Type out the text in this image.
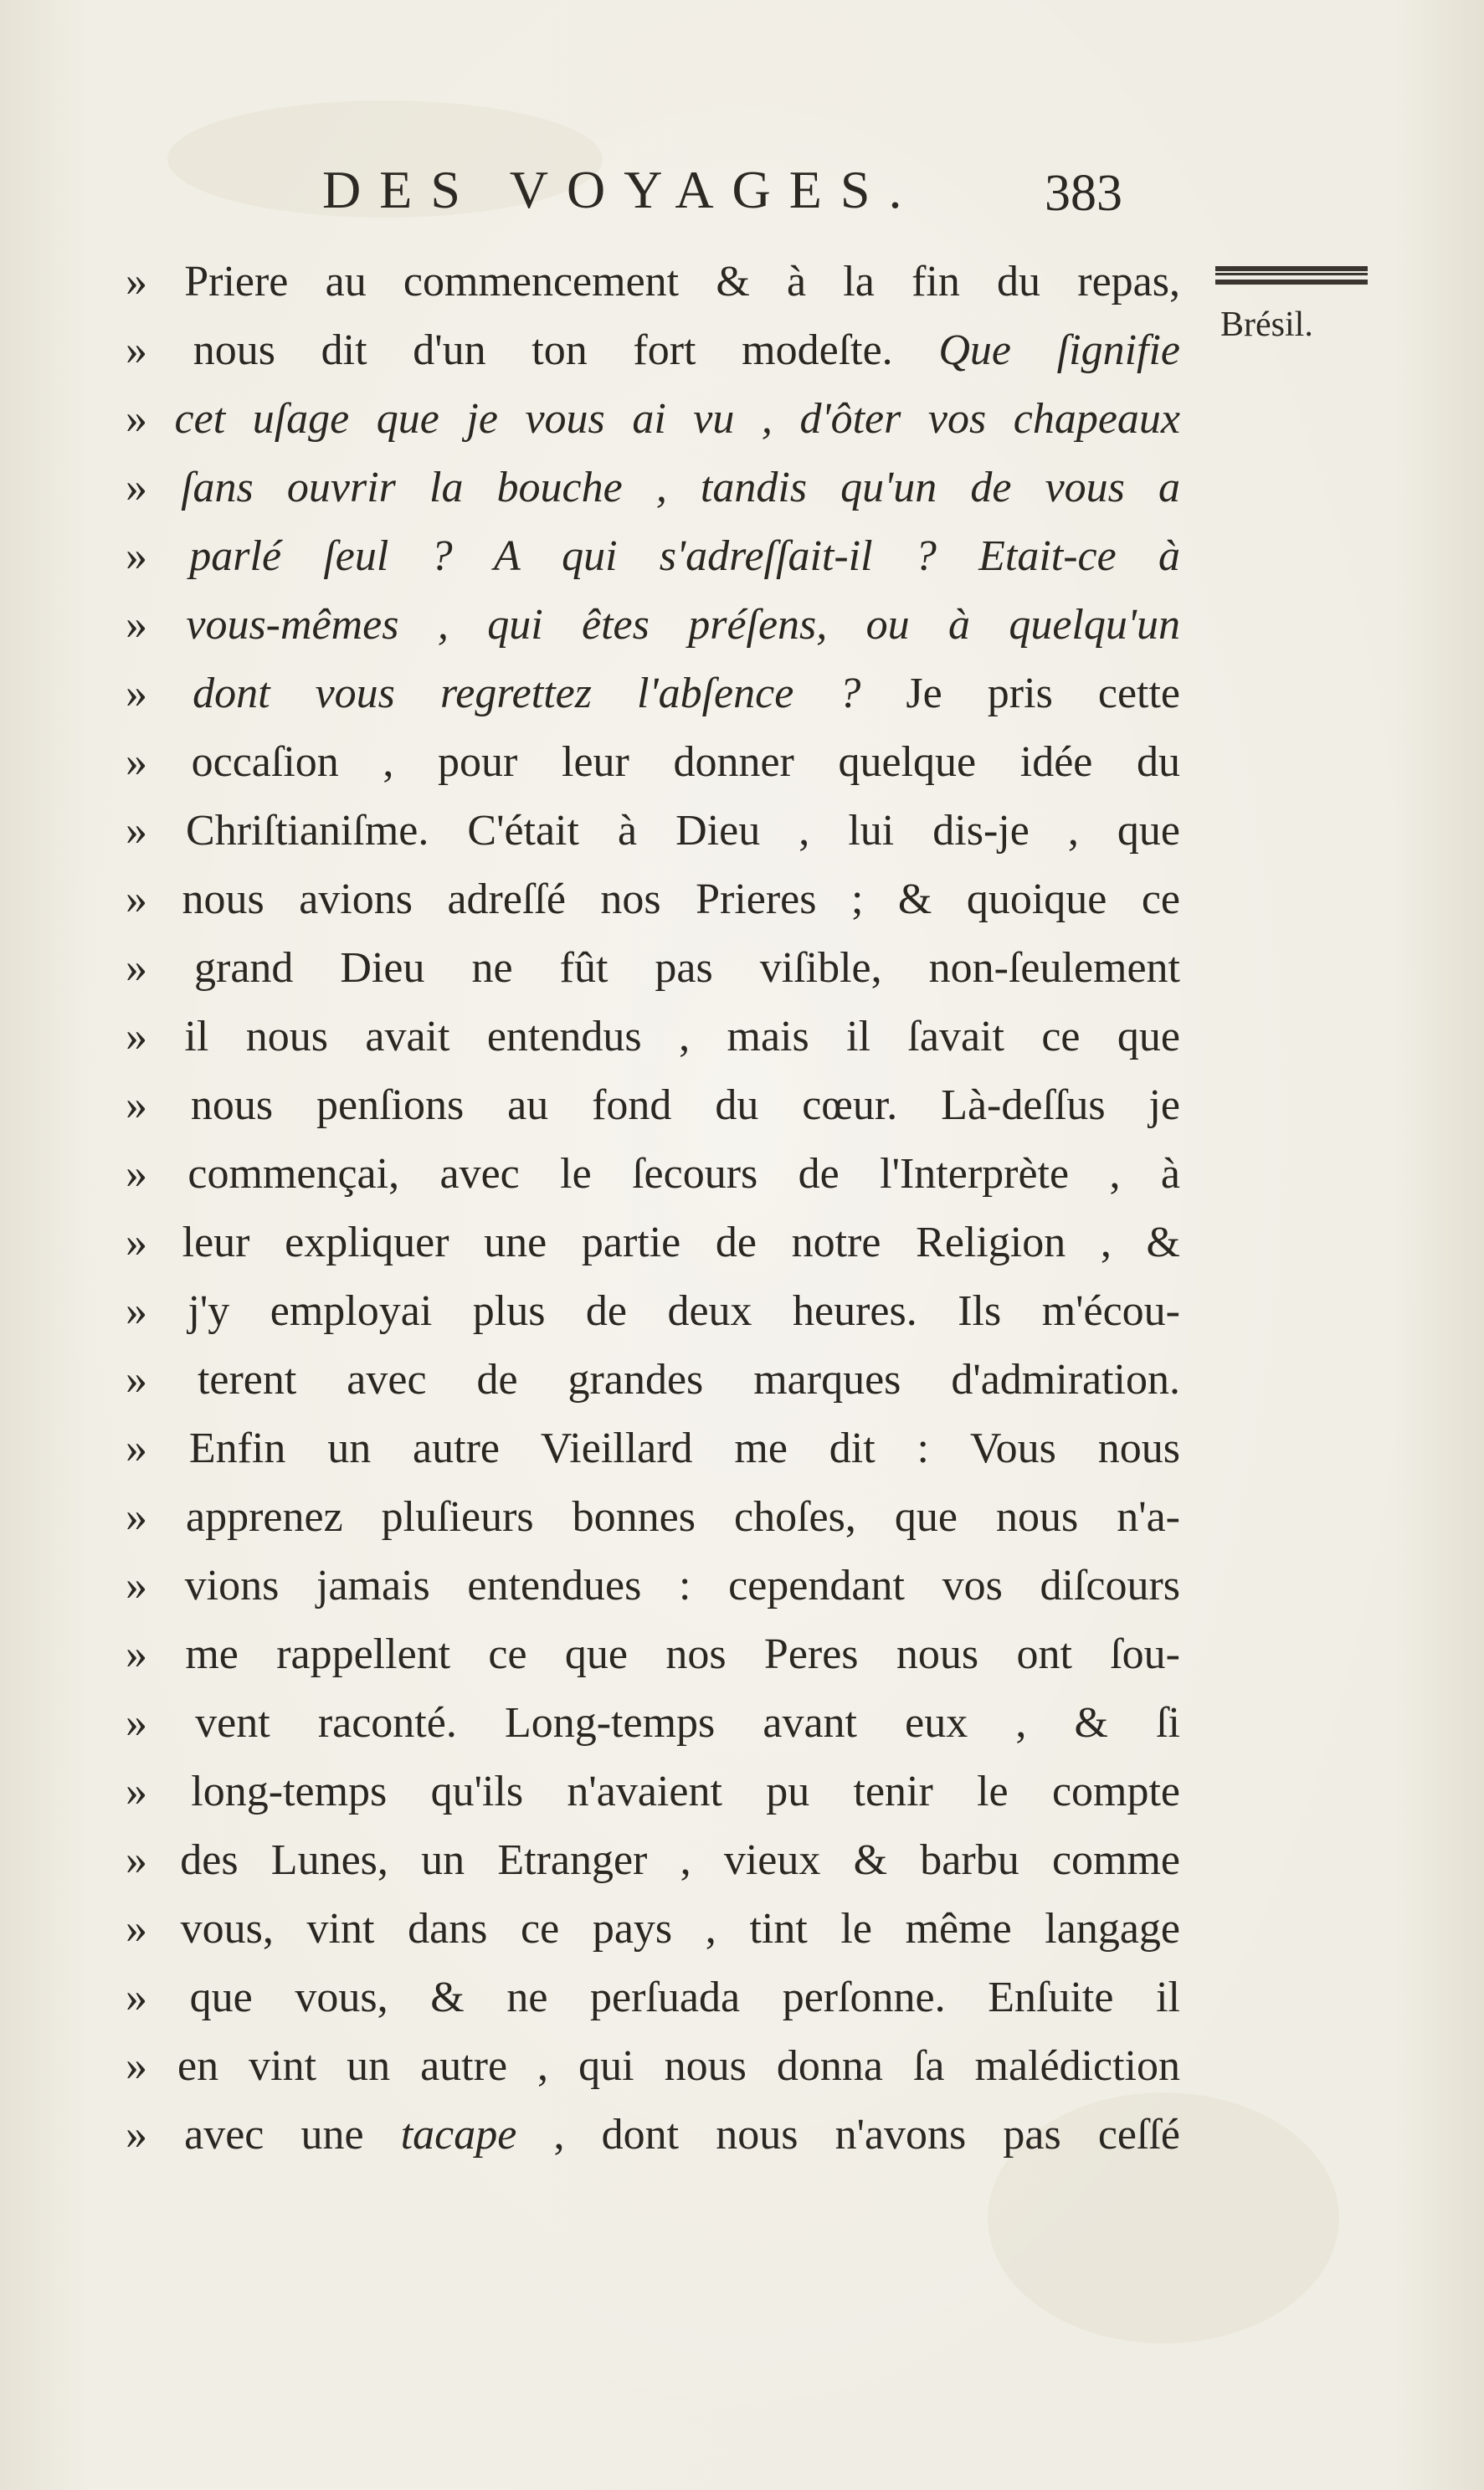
DES VOYAGES. 383
Brésil.
» Priere au commencement & à la fin du repas,
» nous dit d'un ton fort modeſte. Que ſignifie
» cet uſage que je vous ai vu , d'ôter vos chapeaux
» ſans ouvrir la bouche , tandis qu'un de vous a
» parlé ſeul ? A qui s'adreſſait-il ? Etait-ce à
» vous-mêmes , qui êtes préſens, ou à quelqu'un
» dont vous regrettez l'abſence ? Je pris cette
» occaſion , pour leur donner quelque idée du
» Chriſtianiſme. C'était à Dieu , lui dis-je , que
» nous avions adreſſé nos Prieres ; & quoique ce
» grand Dieu ne fût pas viſible, non-ſeulement
» il nous avait entendus , mais il ſavait ce que
» nous penſions au fond du cœur. Là-deſſus je
» commençai, avec le ſecours de l'Interprète , à
» leur expliquer une partie de notre Religion , &
» j'y employai plus de deux heures. Ils m'écou-
» terent avec de grandes marques d'admiration.
» Enfin un autre Vieillard me dit : Vous nous
» apprenez pluſieurs bonnes choſes, que nous n'a-
» vions jamais entendues : cependant vos diſcours
» me rappellent ce que nos Peres nous ont ſou-
» vent raconté. Long-temps avant eux , & ſi
» long-temps qu'ils n'avaient pu tenir le compte
» des Lunes, un Etranger , vieux & barbu comme
» vous, vint dans ce pays , tint le même langage
» que vous, & ne perſuada perſonne. Enſuite il
» en vint un autre , qui nous donna ſa malédiction
» avec une tacape , dont nous n'avons pas ceſſé
